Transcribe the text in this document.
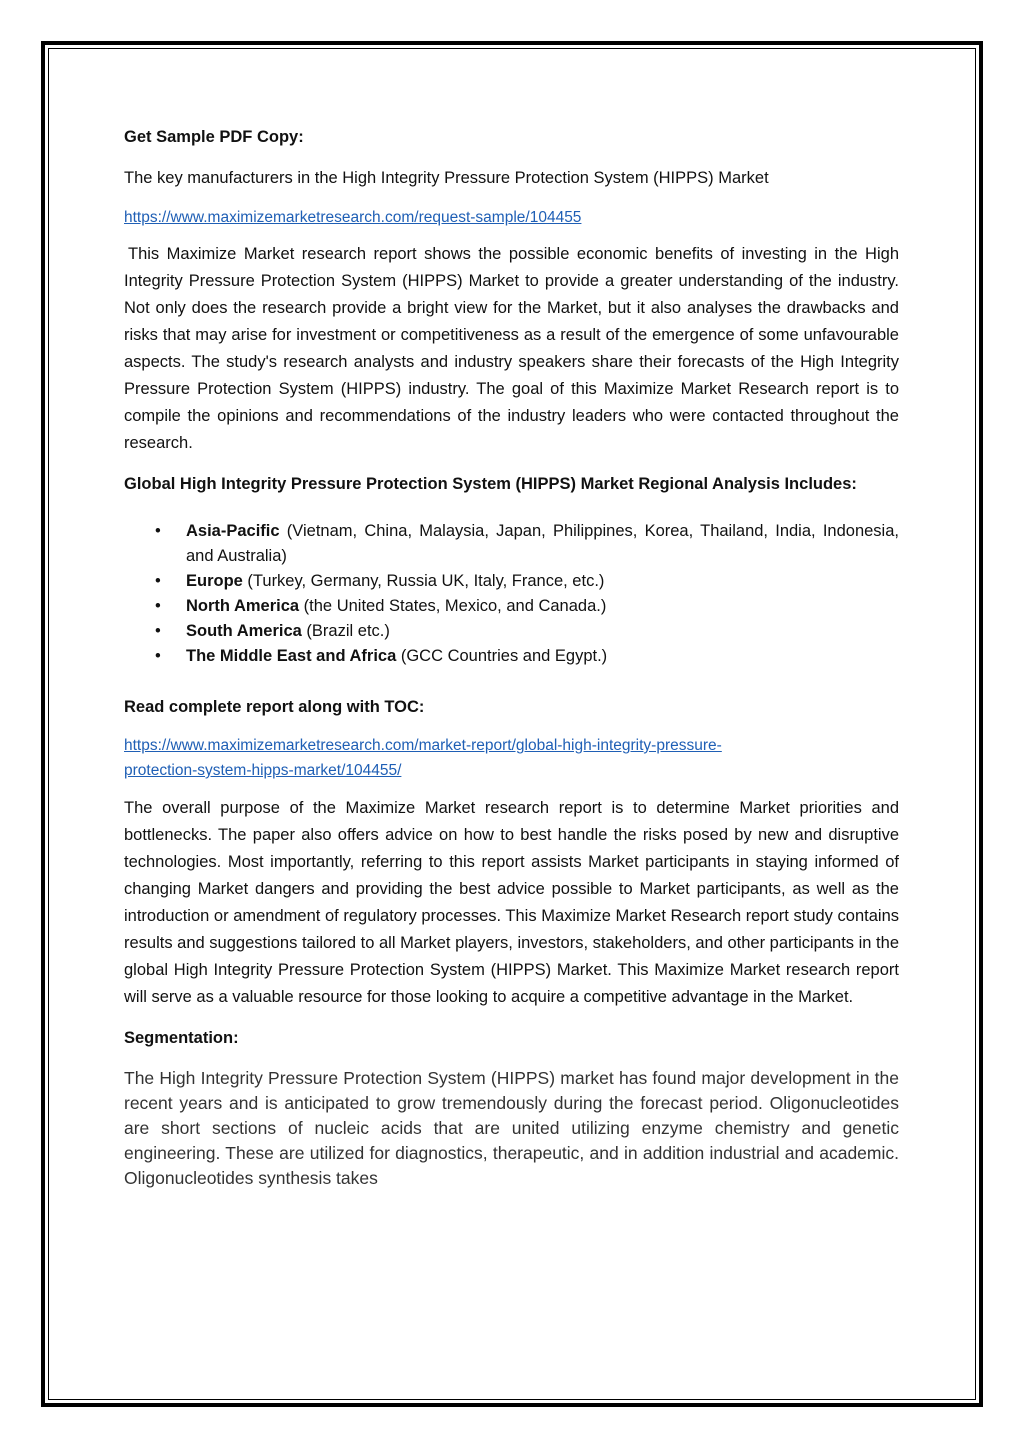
Get Sample PDF Copy:

The key manufacturers in the High Integrity Pressure Protection System (HIPPS) Market

https://www.maximizemarketresearch.com/request-sample/104455

This Maximize Market research report shows the possible economic benefits of investing in the High Integrity Pressure Protection System (HIPPS) Market to provide a greater understanding of the industry. Not only does the research provide a bright view for the Market, but it also analyses the drawbacks and risks that may arise for investment or competitiveness as a result of the emergence of some unfavourable aspects. The study's research analysts and industry speakers share their forecasts of the High Integrity Pressure Protection System (HIPPS) industry. The goal of this Maximize Market Research report is to compile the opinions and recommendations of the industry leaders who were contacted throughout the research.

Global High Integrity Pressure Protection System (HIPPS) Market Regional Analysis Includes:

• Asia-Pacific (Vietnam, China, Malaysia, Japan, Philippines, Korea, Thailand, India, Indonesia, and Australia)
• Europe (Turkey, Germany, Russia UK, Italy, France, etc.)
• North America (the United States, Mexico, and Canada.)
• South America (Brazil etc.)
• The Middle East and Africa (GCC Countries and Egypt.)

Read complete report along with TOC:

https://www.maximizemarketresearch.com/market-report/global-high-integrity-pressure-
protection-system-hipps-market/104455/

The overall purpose of the Maximize Market research report is to determine Market priorities and bottlenecks. The paper also offers advice on how to best handle the risks posed by new and disruptive technologies. Most importantly, referring to this report assists Market participants in staying informed of changing Market dangers and providing the best advice possible to Market participants, as well as the introduction or amendment of regulatory processes. This Maximize Market Research report study contains results and suggestions tailored to all Market players, investors, stakeholders, and other participants in the global High Integrity Pressure Protection System (HIPPS) Market. This Maximize Market research report will serve as a valuable resource for those looking to acquire a competitive advantage in the Market.

Segmentation:

The High Integrity Pressure Protection System (HIPPS) market has found major development in the recent years and is anticipated to grow tremendously during the forecast period. Oligonucleotides are short sections of nucleic acids that are united utilizing enzyme chemistry and genetic engineering. These are utilized for diagnostics, therapeutic, and in addition industrial and academic. Oligonucleotides synthesis takes
